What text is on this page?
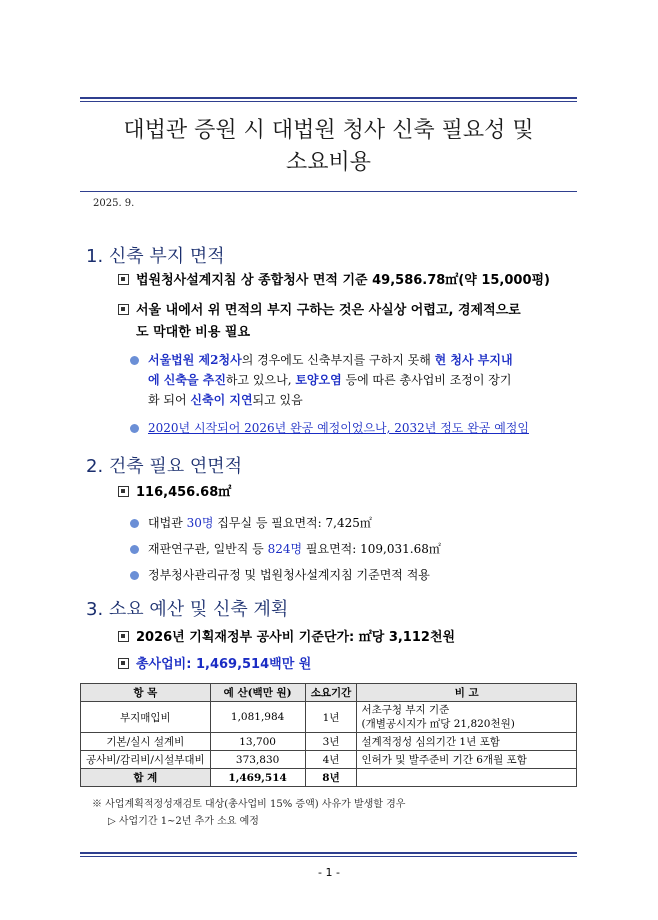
대법관 증원 시 대법원 청사 신축 필요성 및
소요비용
2025. 9.
1. 신축 부지 면적
법원청사설계지침 상 종합청사 면적 기준 49,586.78㎡(약 15,000평)
서울 내에서 위 면적의 부지 구하는 것은 사실상 어렵고, 경제적으로
도 막대한 비용 필요
서울법원 제2청사의 경우에도 신축부지를 구하지 못해 현 청사 부지내
에 신축을 추진하고 있으나, 토양오염 등에 따른 총사업비 조정이 장기
화 되어 신축이 지연되고 있음
2020년 시작되어 2026년 완공 예정이었으나, 2032년 정도 완공 예정임
2. 건축 필요 연면적
116,456.68㎡
대법관 30명 집무실 등 필요면적: 7,425㎡
재판연구관, 일반직 등 824명 필요면적: 109,031.68㎡
정부청사관리규정 및 법원청사설계지침 기준면적 적용
3. 소요 예산 및 신축 계획
2026년 기획재정부 공사비 기준단가: ㎡당 3,112천원
총사업비: 1,469,514백만 원
항 목	예 산(백만 원)	소요기간	비 고
부지매입비	1,081,984	1년	서초구청 부지 기준
(개별공시지가 ㎡당 21,820천원)

기본/실시 설계비	13,700	3년	설계적정성 심의기간 1년 포함
공사비/감리비/시설부대비	373,830	4년	인허가 및 발주준비 기간 6개월 포함
합 계	1,469,514	8년	
※ 사업계획적정성재검토 대상(총사업비 15% 증액) 사유가 발생할 경우
▷ 사업기간 1~2년 추가 소요 예정
- 1 -
